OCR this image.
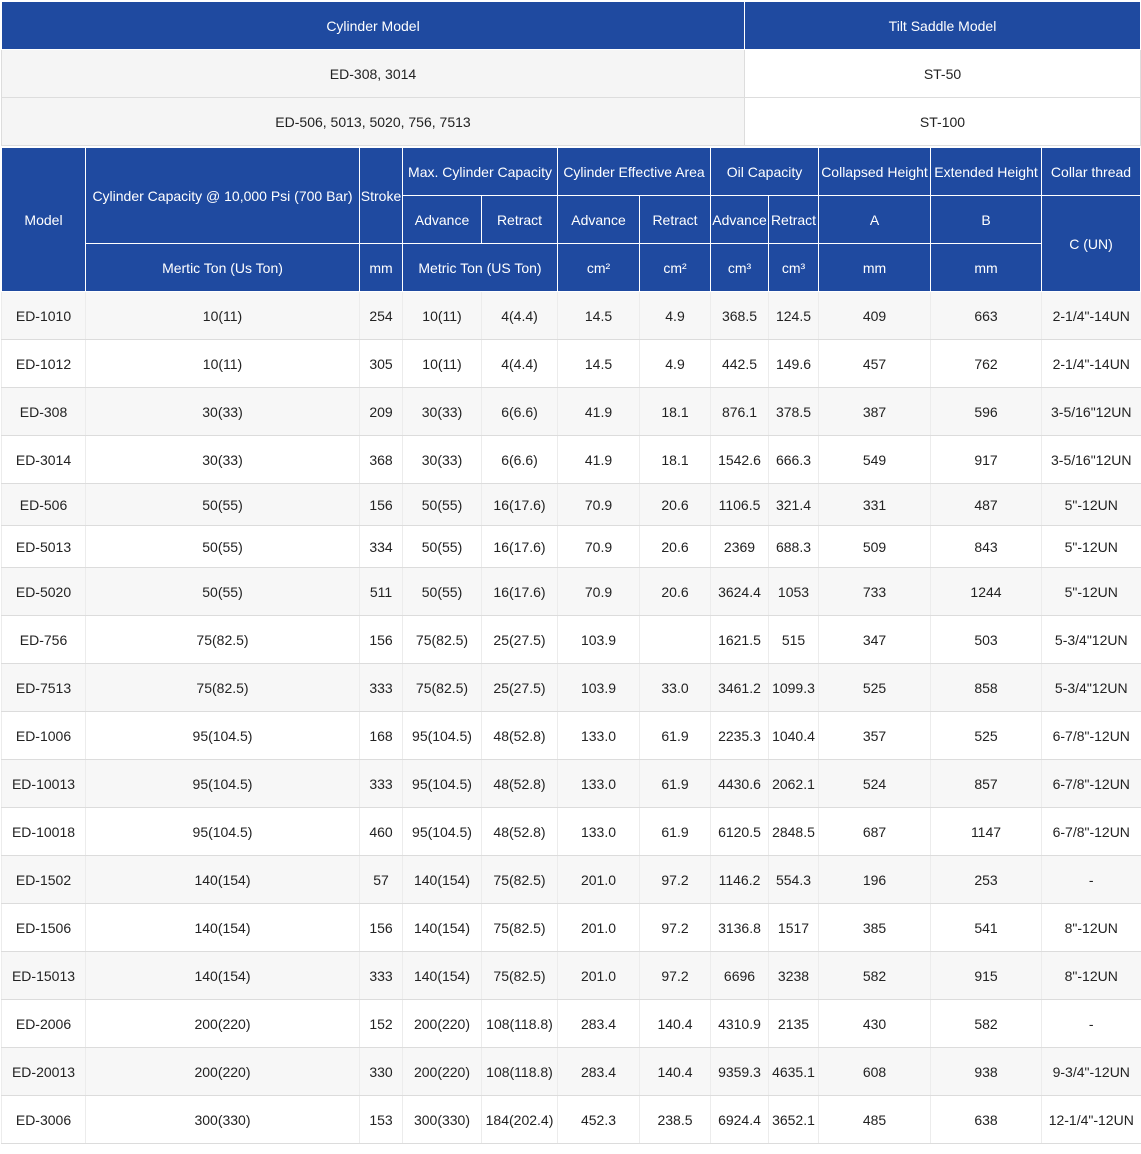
Cylinder Model	Tilt Saddle Model
ED-308, 3014	ST-50
ED-506, 5013, 5020, 756, 7513	ST-100
Model	Cylinder Capacity @ 10,000 Psi (700 Bar)	Stroke	Max. Cylinder Capacity		Cylinder Effective Area		Oil Capacity		Collapsed Height	Extended Height	Collar thread
			Advance	Retract	Advance	Retract	Advance	Retract	A	B	C (UN)
	Mertic Ton (Us Ton)	mm	Metric Ton (US Ton)		cm²	cm²	cm³	cm³	mm	mm	
ED-1010	10(11)	254	10(11)	4(4.4)	14.5	4.9	368.5	124.5	409	663	2-1/4"-14UN
ED-1012	10(11)	305	10(11)	4(4.4)	14.5	4.9	442.5	149.6	457	762	2-1/4"-14UN
ED-308	30(33)	209	30(33)	6(6.6)	41.9	18.1	876.1	378.5	387	596	3-5/16"12UN
ED-3014	30(33)	368	30(33)	6(6.6)	41.9	18.1	1542.6	666.3	549	917	3-5/16"12UN
ED-506	50(55)	156	50(55)	16(17.6)	70.9	20.6	1106.5	321.4	331	487	5"-12UN
ED-5013	50(55)	334	50(55)	16(17.6)	70.9	20.6	2369	688.3	509	843	5"-12UN
ED-5020	50(55)	511	50(55)	16(17.6)	70.9	20.6	3624.4	1053	733	1244	5"-12UN
ED-756	75(82.5)	156	75(82.5)	25(27.5)	103.9		1621.5	515	347	503	5-3/4"12UN
ED-7513	75(82.5)	333	75(82.5)	25(27.5)	103.9	33.0	3461.2	1099.3	525	858	5-3/4"12UN
ED-1006	95(104.5)	168	95(104.5)	48(52.8)	133.0	61.9	2235.3	1040.4	357	525	6-7/8"-12UN
ED-10013	95(104.5)	333	95(104.5)	48(52.8)	133.0	61.9	4430.6	2062.1	524	857	6-7/8"-12UN
ED-10018	95(104.5)	460	95(104.5)	48(52.8)	133.0	61.9	6120.5	2848.5	687	1147	6-7/8"-12UN
ED-1502	140(154)	57	140(154)	75(82.5)	201.0	97.2	1146.2	554.3	196	253	-
ED-1506	140(154)	156	140(154)	75(82.5)	201.0	97.2	3136.8	1517	385	541	8"-12UN
ED-15013	140(154)	333	140(154)	75(82.5)	201.0	97.2	6696	3238	582	915	8"-12UN
ED-2006	200(220)	152	200(220)	108(118.8)	283.4	140.4	4310.9	2135	430	582	-
ED-20013	200(220)	330	200(220)	108(118.8)	283.4	140.4	9359.3	4635.1	608	938	9-3/4"-12UN
ED-3006	300(330)	153	300(330)	184(202.4)	452.3	238.5	6924.4	3652.1	485	638	12-1/4"-12UN
